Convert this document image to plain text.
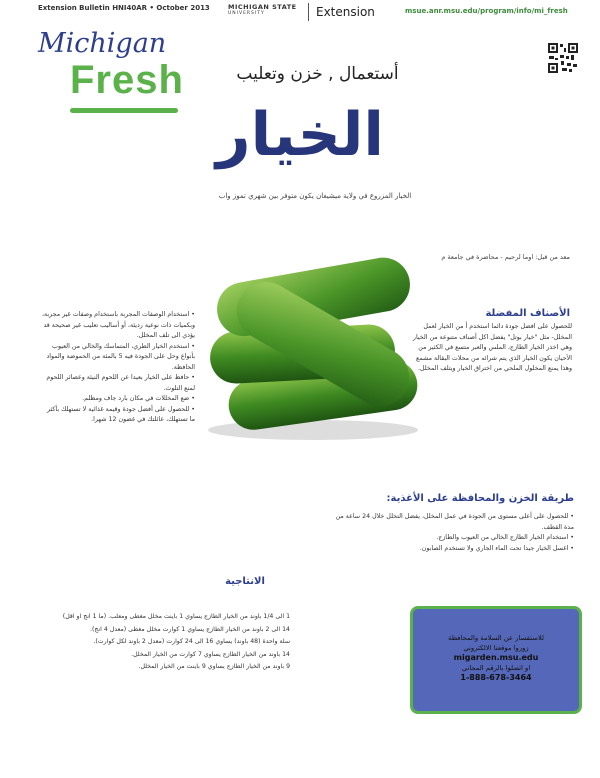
Extension Bulletin HNI40AR • October 2013	MICHIGAN STATE
UNIVERSITY	Extension	msue.anr.msu.edu/program/info/mi_fresh
Michigan
Fresh	أستعمال , خزن وتعليب
الخيار
الخيار المزروع في ولاية ميشيغان يكون متوفر بين شهري تموز واب
معد من قبل: اوما لرحيم - محاضرة في جامعة م
الأصناف المفضلة
للحصول على افضل جودة دائما استخدم أ من الخيار لعمل المخلل- مثل "خيار بوتل" يفضل اكل أصناف متنوعة من الخيار وهي اخذر الخيار الطازج، الملس والعبر متسع في الكثير من الأحيان يكون الخيار الذي يتم شرائه من محلات البقالة مشمع وهذا يمنع المخلول الملحي من اختراق الخيار ويتلف المخلل.
• استخدام الوصفات المجربة باستخدام وصفات غير مجربة، وبكميات ذات نوعية رديئة، أو أساليب تعليب غير صحيحة قد يؤدي الى تلف المخلل.
• استخدم الخيار الطري، المتماسك والخالي من العيوب بأنواع وحل على الجودة فيه 5 بالمئة من الحموضة والمواد الحافظة.
• حافظ على الخيار بعيدا عن اللحوم النيئة وعصائر اللحوم لمنع التلوث.
• ضع المخللات في مكان بارد جاف ومظلم.
• للحصول على أفضل جودة وقيمة غذائية لا تستهلك بأكثر ما تستهلك، عائلتك في غضون 12 شهرا.
طريقة الخزن والمحافظة على الأغذية:
• للحصول على أعلى مستوى من الجودة في عمل المخلل، يفضل التخلل خلال 24 ساعة من مدة القطف.
• استخدام الخيار الطازج الخالي من العيوب والطازج.
• اغسل الخيار جيدا تحت الماء الجاري ولا تستخدم الصابون.
الانتاجية
1 الى 1/4 باوند من الخيار الطازج يساوي 1 باينت مخلل مغطى ومعلب. (ما 1 انج او اقل)
14 الى 2 باوند من الخيار الطازج يساوي 1 كوارت مخلل مغطى (معدل 4 انج).
سلة واحدة (48 باوند) يساوي 16 الى 24 كوارت (معدل 2 باوند لكل كوارت).
14 باوند من الخيار الطازج يساوي 7 كوارت من الخيار المخلل.
9 باوند من الخيار الطازج يساوي 9 باينت من الخيار المخلل.
للاستفسار عن السلامة والمحافظة
زوروا موقعنا الالكتروني
migarden.msu.edu
او اتصلوا بالرقم المجاني
1-888-678-3464
